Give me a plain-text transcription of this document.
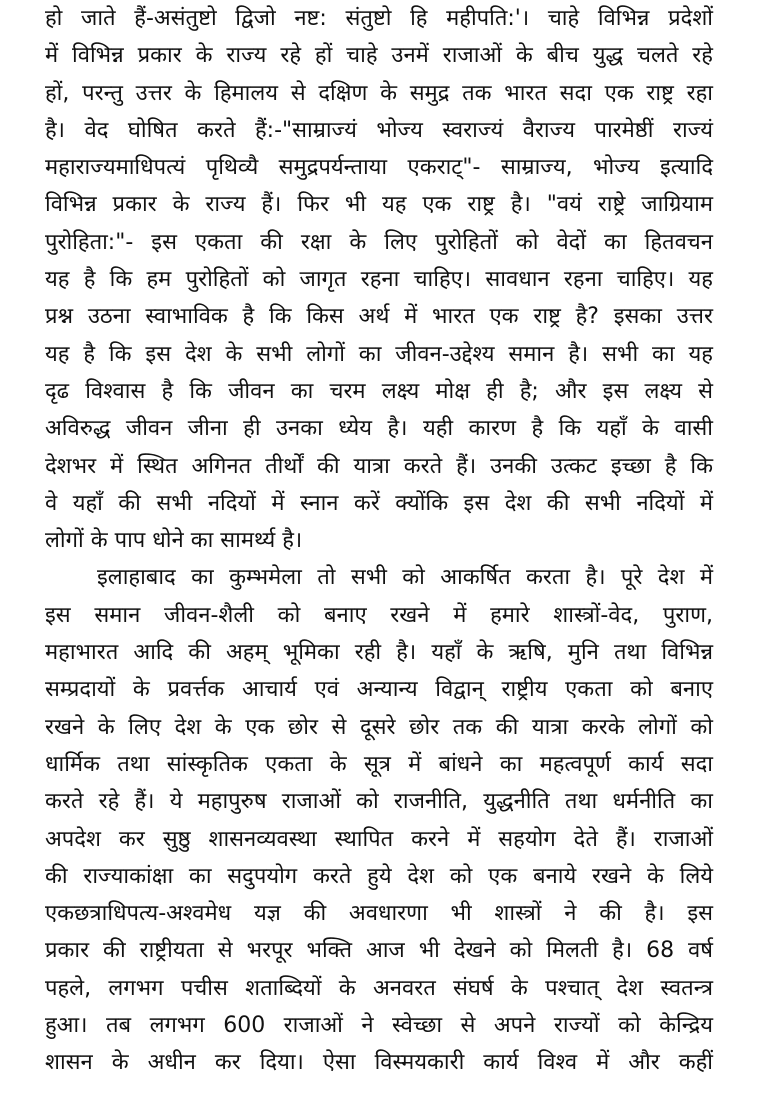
हो जाते हैं-असंतुष्टो द्विजो नष्ट: संतुष्टो हि महीपति:'। चाहे विभिन्न प्रदेशों
में विभिन्न प्रकार के राज्य रहे हों चाहे उनमें राजाओं के बीच युद्ध चलते रहे
हों, परन्तु उत्तर के हिमालय से दक्षिण के समुद्र तक भारत सदा एक राष्ट्र रहा
है। वेद घोषित करते हैं:-"साम्राज्यं भोज्य स्वराज्यं वैराज्य पारमेष्ठीं राज्यं
महाराज्यमाधिपत्यं पृथिव्यै समुद्रपर्यन्ताया एकराट्"- साम्राज्य, भोज्य इत्यादि
विभिन्न प्रकार के राज्य हैं। फिर भी यह एक राष्ट्र है। "वयं राष्ट्रे जाग्रियाम
पुरोहिता:"- इस एकता की रक्षा के लिए पुरोहितों को वेदों का हितवचन
यह है कि हम पुरोहितों को जागृत रहना चाहिए। सावधान रहना चाहिए। यह
प्रश्न उठना स्वाभाविक है कि किस अर्थ में भारत एक राष्ट्र है? इसका उत्तर
यह है कि इस देश के सभी लोगों का जीवन-उद्देश्य समान है। सभी का यह
दृढ विश्वास है कि जीवन का चरम लक्ष्य मोक्ष ही है; और इस लक्ष्य से
अविरुद्ध जीवन जीना ही उनका ध्येय है। यही कारण है कि यहाँ के वासी
देशभर में स्थित अगिनत तीर्थों की यात्रा करते हैं। उनकी उत्कट इच्छा है कि
वे यहाँ की सभी नदियों में स्नान करें क्योंकि इस देश की सभी नदियों में
लोगों के पाप धोने का सामर्थ्य है।
इलाहाबाद का कुम्भमेला तो सभी को आकर्षित करता है। पूरे देश में
इस समान जीवन-शैली को बनाए रखने में हमारे शास्त्रों-वेद, पुराण,
महाभारत आदि की अहम् भूमिका रही है। यहाँ के ऋषि, मुनि तथा विभिन्न
सम्प्रदायों के प्रवर्त्तक आचार्य एवं अन्यान्य विद्वान् राष्ट्रीय एकता को बनाए
रखने के लिए देश के एक छोर से दूसरे छोर तक की यात्रा करके लोगों को
धार्मिक तथा सांस्कृतिक एकता के सूत्र में बांधने का महत्वपूर्ण कार्य सदा
करते रहे हैं। ये महापुरुष राजाओं को राजनीति, युद्धनीति तथा धर्मनीति का
अपदेश कर सुष्ठु शासनव्यवस्था स्थापित करने में सहयोग देते हैं। राजाओं
की राज्याकांक्षा का सदुपयोग करते हुये देश को एक बनाये रखने के लिये
एकछत्राधिपत्य-अश्वमेध यज्ञ की अवधारणा भी शास्त्रों ने की है। इस
प्रकार की राष्ट्रीयता से भरपूर भक्ति आज भी देखने को मिलती है। 68 वर्ष
पहले, लगभग पचीस शताब्दियों के अनवरत संघर्ष के पश्चात् देश स्वतन्त्र
हुआ। तब लगभग 600 राजाओं ने स्वेच्छा से अपने राज्यों को केन्द्रिय
शासन के अधीन कर दिया। ऐसा विस्मयकारी कार्य विश्व में और कहीं
